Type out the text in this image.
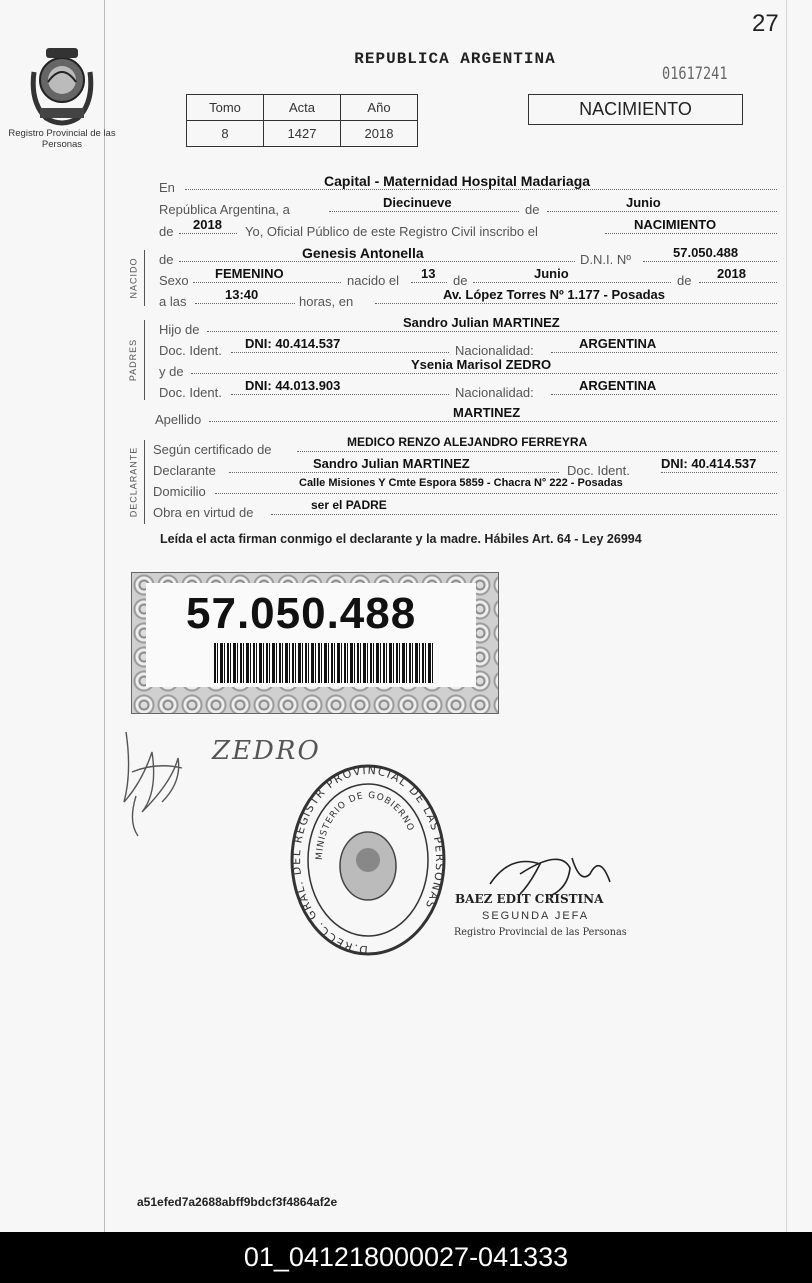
27
Registro Provincial de las Personas
REPUBLICA ARGENTINA
01617241
Tomo	Acta	Año
8	1427	2018
NACIMIENTO
En	Capital - Maternidad Hospital Madariaga
República Argentina, a	Diecinueve	de	Junio
de 2018 Yo, Oficial Público de este Registro Civil inscribo el	NACIMIENTO
NACIDO de	Genesis Antonella	D.N.I. Nº	57.050.488
Sexo FEMENINO	nacido el 13 de	Junio	de 2018
a las	13:40	horas, en	Av. López Torres Nº 1.177 - Posadas
PADRES
Hijo de	Sandro Julian MARTINEZ
Doc. Ident. DNI: 40.414.537	Nacionalidad:	ARGENTINA
y de	Ysenia Marisol ZEDRO
Doc. Ident. DNI: 44.013.903	Nacionalidad:	ARGENTINA
Apellido	MARTINEZ
DECLARANTE Según certificado de	MEDICO RENZO ALEJANDRO FERREYRA
Declarante	Sandro Julian MARTINEZ	Doc. Ident. DNI: 40.414.537
Domicilio
Calle Misiones Y Cmte Espora 5859 - Chacra N° 222 - Posadas
Obra en virtud de	ser el PADRE
Leída el acta firman conmigo el declarante y la madre. Hábiles Art. 64 - Ley 26994
57.050.488
ZEDRO
D.RECC. GRAL. DEL REGISTR PROVINCIAL DE LAS PERSONAS
MINISTERIO DE GOBIERNO
BAEZ EDIT CRISTINA
SEGUNDA JEFA
Registro Provincial de las Personas
a51efed7a2688abff9bdcf3f4864af2e
01_041218000027-041333
